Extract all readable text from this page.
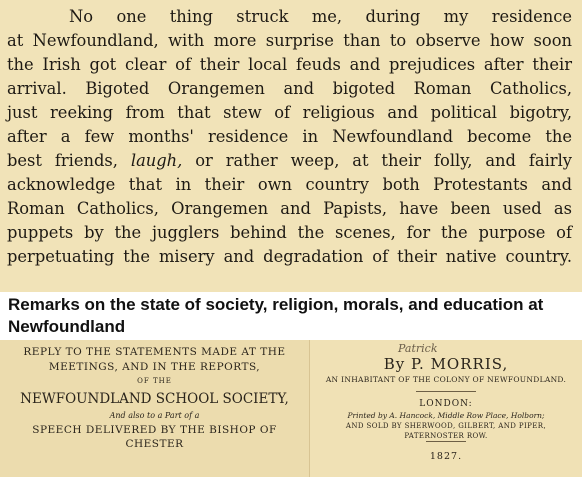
No one thing struck me, during my residence
at Newfoundland, with more surprise than to observe how soon
the Irish got clear of their local feuds and prejudices after their
arrival. Bigoted Orangemen and bigoted Roman Catholics,
just reeking from that stew of religious and political bigotry,
after a few months' residence in Newfoundland become the
best friends, laugh, or rather weep, at their folly, and fairly
acknowledge that in their own country both Protestants and
Roman Catholics, Orangemen and Papists, have been used as
puppets by the jugglers behind the scenes, for the purpose of
perpetuating the misery and degradation of their native country.

Remarks on the state of society, religion, morals, and education at Newfoundland
REPLY TO THE STATEMENTS MADE AT THE
MEETINGS, AND IN THE REPORTS,
OF THE
NEWFOUNDLAND SCHOOL SOCIETY,
And also to a Part of a
SPEECH DELIVERED BY THE BISHOP OF CHESTER
Patrick
By P. MORRIS,
AN INHABITANT OF THE COLONY OF NEWFOUNDLAND.
LONDON:
Printed by A. Hancock, Middle Row Place, Holborn;
AND SOLD BY SHERWOOD, GILBERT, AND PIPER,
PATERNOSTER ROW.
1827.
